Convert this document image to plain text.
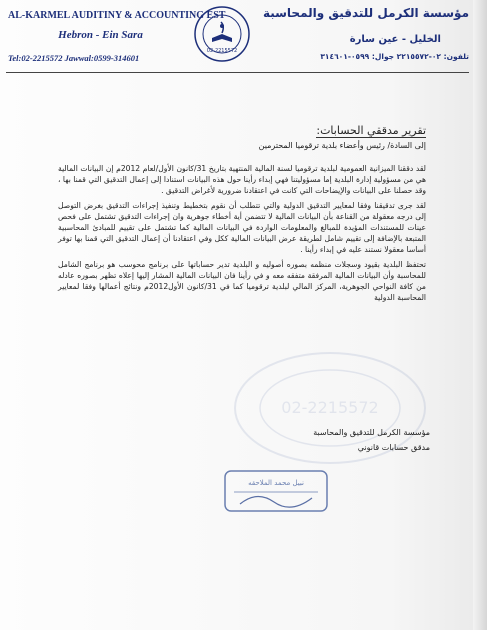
AL-KARMEL AUDITINY & ACCOUNTING EST
Hebron - Ein Sara
Tel:02-2215572 Jawwal:0599-314601
02-2215572
مؤسسة الكرمل للتدقيق والمحاسبة
الخليل - عين سارة
تلفون: ٠٢-٢٢١٥٥٧٢ جوال: ٠٥٩٩-٣١٤٦٠١
02-2215572
تقرير مدققي الحسابات:
إلى السادة/ رئيس وأعضاء بلدية ترقوميا المحترمين

لقد دققنا الميزانية العمومية لبلدية ترقوميا لسنة المالية المنتهية بتاريخ 31/كانون الأول/لعام 2012م إن البيانات المالية هي من مسؤولية إدارة البلدية إما مسؤوليتنا فهي إبداء رأينا حول هذه البيانات استنادا إلى إعمال التدقيق التي قمنا بها ، وقد حصلنا على البيانات والإيضاحات التي كانت في اعتقادنا ضرورية لأغراض التدقيق .

لقد جرى تدقيقنا وفقا لمعايير التدقيق الدولية والتي تتطلب أن نقوم بتخطيط وتنفيذ إجراءات التدقيق بغرض التوصل إلى درجه معقولة من القناعة بأن البيانات المالية لا تتضمن أية أخطاء جوهرية وان إجراءات التدقيق تشتمل على فحص عينات للمستندات المؤيدة للمبالغ والمعلومات الواردة في البيانات المالية كما تشتمل على تقييم للمبادئ المحاسبية المتبعة بالإضافة إلى تقييم شامل لطريقة عرض البيانات المالية ككل وفي اعتقادنا أن إعمال التدقيق التي قمنا بها توفر أساسا معقولا نستند عليه في إبداء رأينا .

تحتفظ البلدية بقيود وسجلات منظمه بصوره أصوليه و البلدية تدير حساباتها على برنامج محوسب هو برنامج الشامل للمحاسبة وأن البيانات المالية المرفقة متفقه معه و في رأينا فان البيانات المالية المشار إليها إعلاه تظهر بصوره عادله من كافة النواحي الجوهرية، المركز المالي لبلدية ترقوميا كما في 31/كانون الأول2012م ونتائج أعمالها وفقا لمعايير المحاسبة الدولية

مؤسسة الكرمل للتدقيق والمحاسبة
مدقق حسابات قانوني
نبيل محمد الملاحقه
